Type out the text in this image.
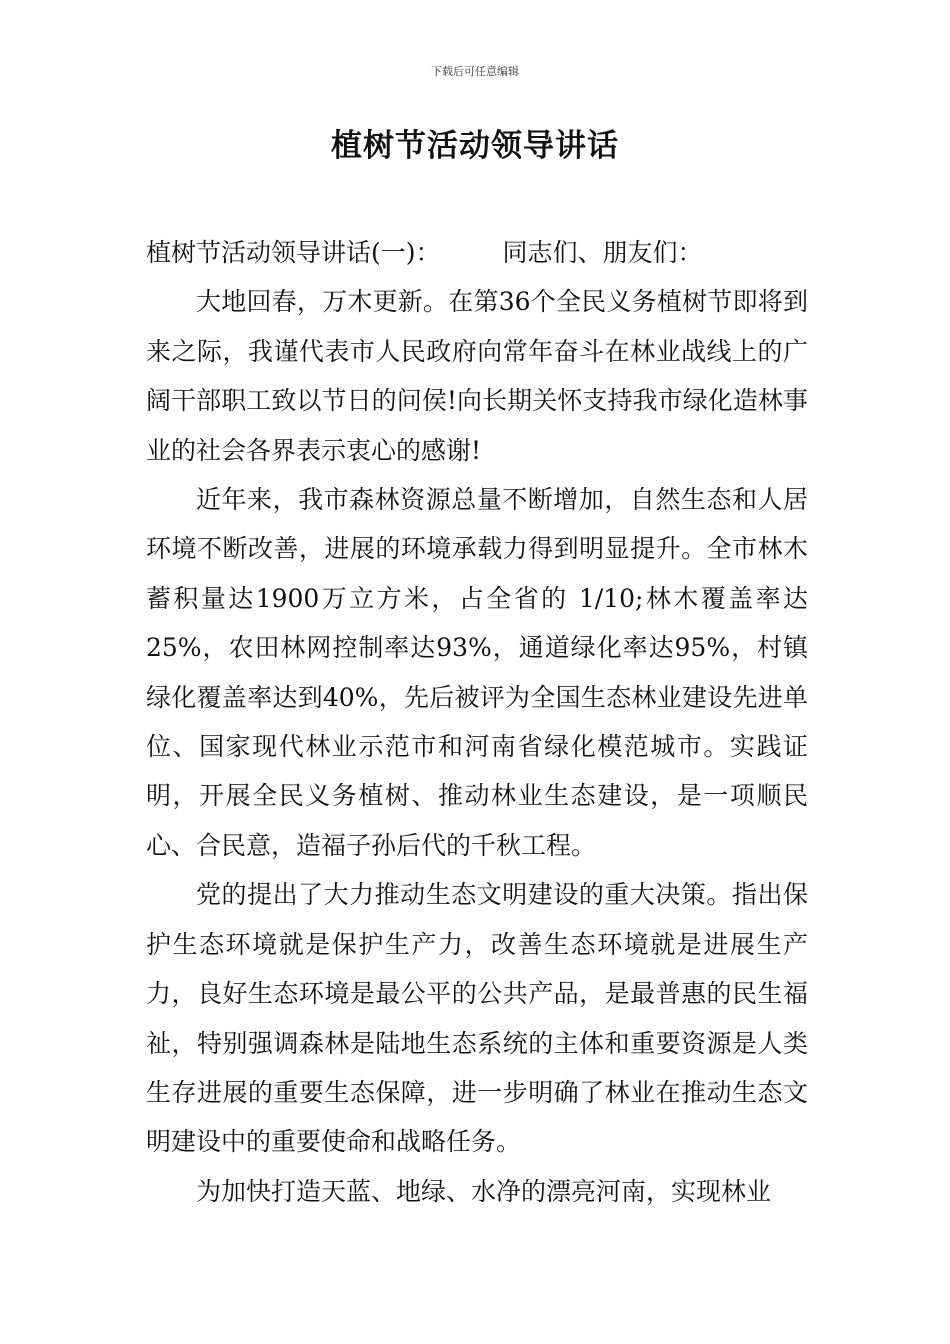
下载后可任意编辑
植树节活动领导讲话

植树节活动领导讲话(一)： 同志们、朋友们：

大地回春，万木更新。在第36个全民义务植树节即将到来之际，我谨代表市人民政府向常年奋斗在林业战线上的广阔干部职工致以节日的问侯!向长期关怀支持我市绿化造林事业的社会各界表示衷心的感谢!

近年来，我市森林资源总量不断增加，自然生态和人居环境不断改善，进展的环境承载力得到明显提升。全市林木蓄积量达1900万立方米，占全省的 1/10;林木覆盖率达25%，农田林网控制率达93%，通道绿化率达95%，村镇绿化覆盖率达到40%，先后被评为全国生态林业建设先进单位、国家现代林业示范市和河南省绿化模范城市。实践证明，开展全民义务植树、推动林业生态建设，是一项顺民心、合民意，造福子孙后代的千秋工程。

党的提出了大力推动生态文明建设的重大决策。指出保护生态环境就是保护生产力，改善生态环境就是进展生产力，良好生态环境是最公平的公共产品，是最普惠的民生福祉，特别强调森林是陆地生态系统的主体和重要资源是人类生存进展的重要生态保障，进一步明确了林业在推动生态文明建设中的重要使命和战略任务。

为加快打造天蓝、地绿、水净的漂亮河南，实现林业
